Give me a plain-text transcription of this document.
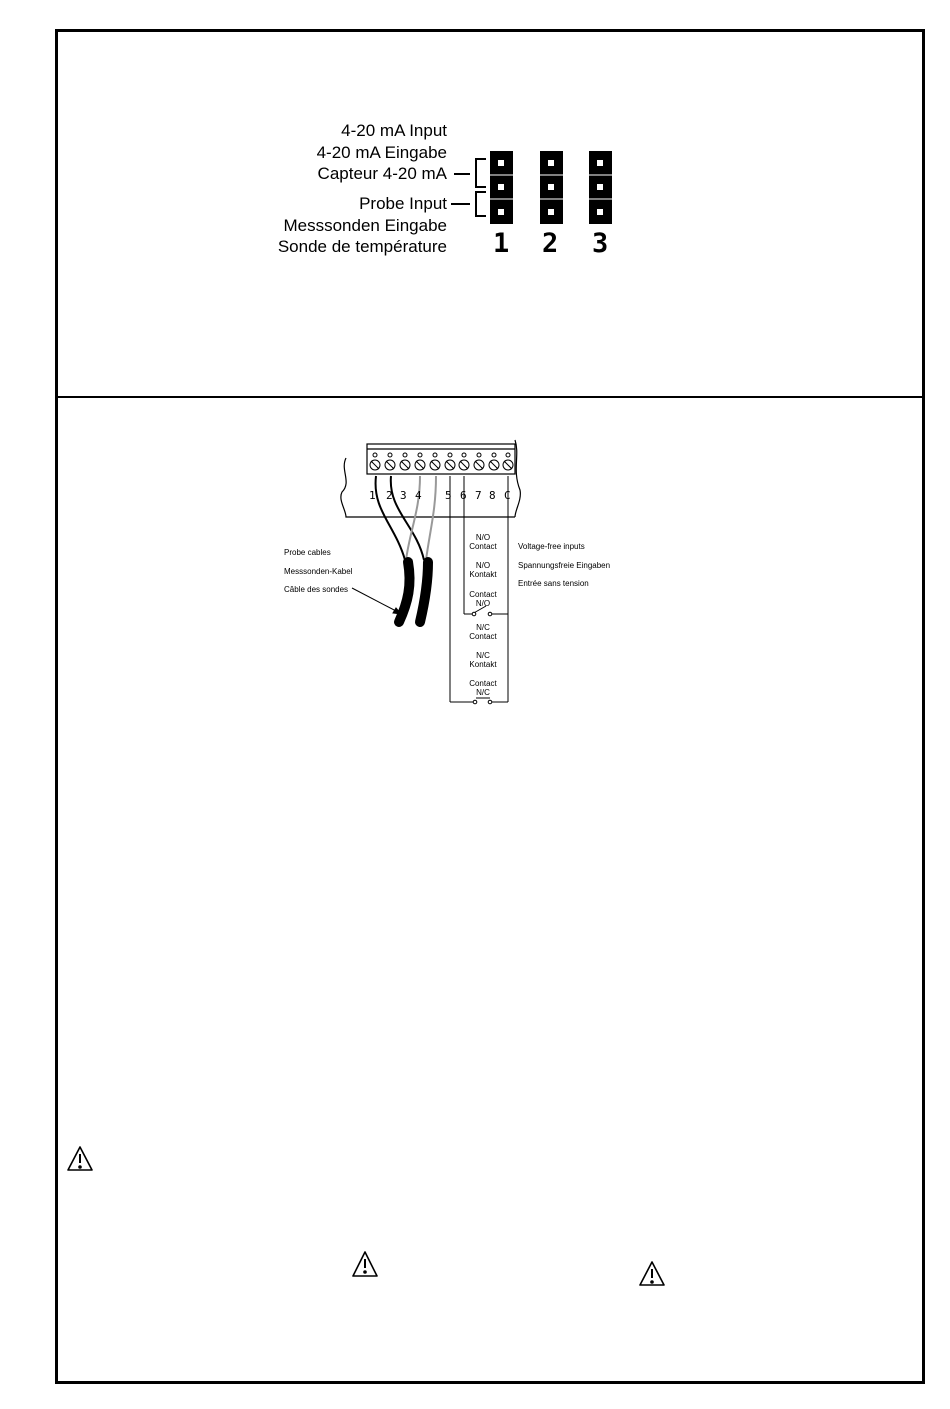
4-20 mA Input
4-20 mA Eingabe
Capteur 4-20 mA
Probe Input
Messsonden Eingabe
Sonde de température 1 2 3
1 2 3 4 5 6 7 8 C
Probe cables
Messsonden-Kabel
Câble des sondes
Voltage-free inputs
Spannungsfreie Eingaben
Entrée sans tension
N/O
Contact
N/O
Kontakt
Contact
N/O
N/C
Contact
N/C
Kontakt
Contact
N/C
